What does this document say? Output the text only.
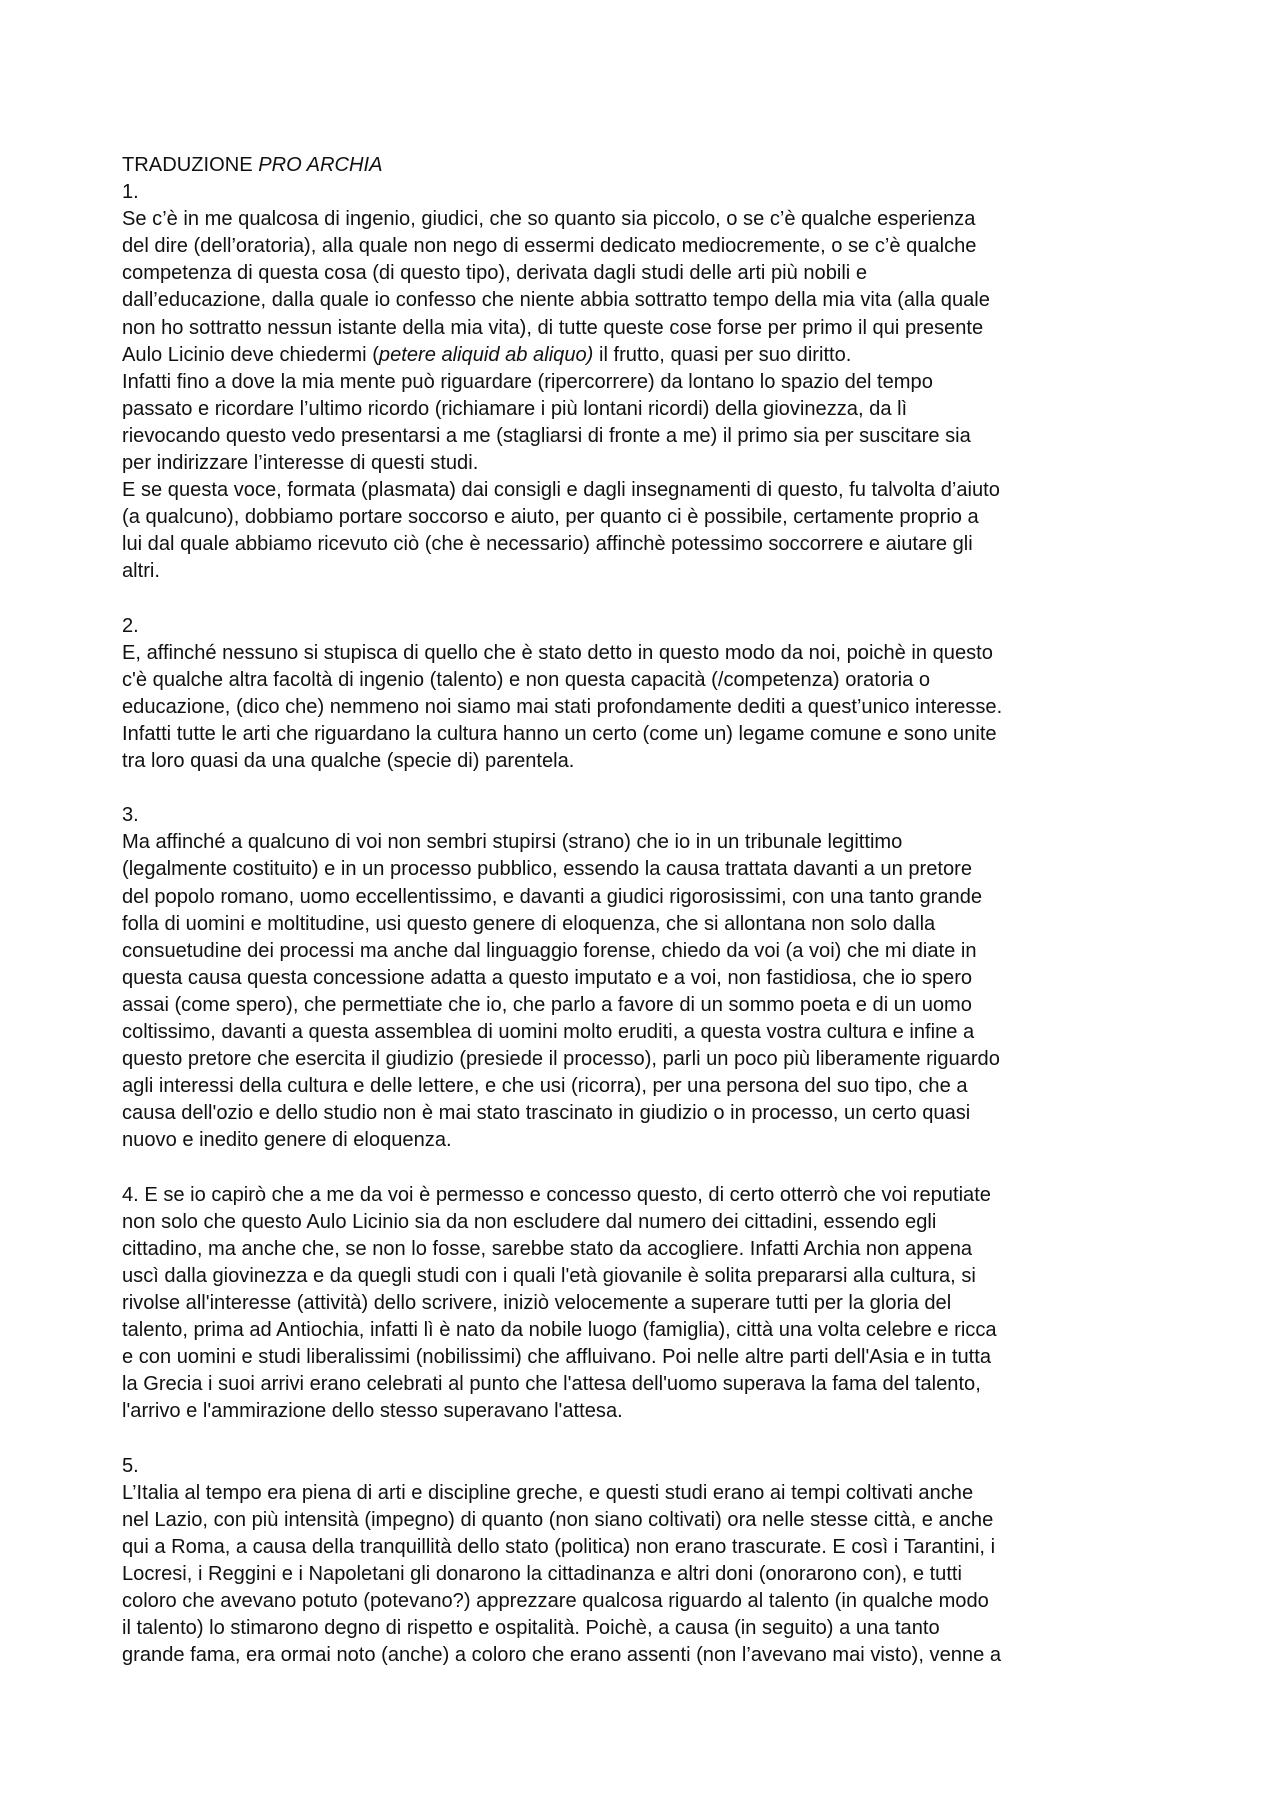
TRADUZIONE PRO ARCHIA
1.
Se c’è in me qualcosa di ingenio, giudici, che so quanto sia piccolo, o se c’è qualche esperienza
del dire (dell’oratoria), alla quale non nego di essermi dedicato mediocremente, o se c’è qualche
competenza di questa cosa (di questo tipo), derivata dagli studi delle arti più nobili e
dall’educazione, dalla quale io confesso che niente abbia sottratto tempo della mia vita (alla quale
non ho sottratto nessun istante della mia vita), di tutte queste cose forse per primo il qui presente
Aulo Licinio deve chiedermi (petere aliquid ab aliquo) il frutto, quasi per suo diritto.
Infatti fino a dove la mia mente può riguardare (ripercorrere) da lontano lo spazio del tempo
passato e ricordare l’ultimo ricordo (richiamare i più lontani ricordi) della giovinezza, da lì
rievocando questo vedo presentarsi a me (stagliarsi di fronte a me) il primo sia per suscitare sia
per indirizzare l’interesse di questi studi.
E se questa voce, formata (plasmata) dai consigli e dagli insegnamenti di questo, fu talvolta d’aiuto
(a qualcuno), dobbiamo portare soccorso e aiuto, per quanto ci è possibile, certamente proprio a
lui dal quale abbiamo ricevuto ciò (che è necessario) affinchè potessimo soccorrere e aiutare gli
altri.
2.
E, affinché nessuno si stupisca di quello che è stato detto in questo modo da noi, poichè in questo
c'è qualche altra facoltà di ingenio (talento) e non questa capacità (/competenza) oratoria o
educazione, (dico che) nemmeno noi siamo mai stati profondamente dediti a quest’unico interesse.
Infatti tutte le arti che riguardano la cultura hanno un certo (come un) legame comune e sono unite
tra loro quasi da una qualche (specie di) parentela.
3.
Ma affinché a qualcuno di voi non sembri stupirsi (strano) che io in un tribunale legittimo
(legalmente costituito) e in un processo pubblico, essendo la causa trattata davanti a un pretore
del popolo romano, uomo eccellentissimo, e davanti a giudici rigorosissimi, con una tanto grande
folla di uomini e moltitudine, usi questo genere di eloquenza, che si allontana non solo dalla
consuetudine dei processi ma anche dal linguaggio forense, chiedo da voi (a voi) che mi diate in
questa causa questa concessione adatta a questo imputato e a voi, non fastidiosa, che io spero
assai (come spero), che permettiate che io, che parlo a favore di un sommo poeta e di un uomo
coltissimo, davanti a questa assemblea di uomini molto eruditi, a questa vostra cultura e infine a
questo pretore che esercita il giudizio (presiede il processo), parli un poco più liberamente riguardo
agli interessi della cultura e delle lettere, e che usi (ricorra), per una persona del suo tipo, che a
causa dell'ozio e dello studio non è mai stato trascinato in giudizio o in processo, un certo quasi
nuovo e inedito genere di eloquenza.
4. E se io capirò che a me da voi è permesso e concesso questo, di certo otterrò che voi reputiate
non solo che questo Aulo Licinio sia da non escludere dal numero dei cittadini, essendo egli
cittadino, ma anche che, se non lo fosse, sarebbe stato da accogliere. Infatti Archia non appena
uscì dalla giovinezza e da quegli studi con i quali l'età giovanile è solita prepararsi alla cultura, si
rivolse all'interesse (attività) dello scrivere, iniziò velocemente a superare tutti per la gloria del
talento, prima ad Antiochia, infatti lì è nato da nobile luogo (famiglia), città una volta celebre e ricca
e con uomini e studi liberalissimi (nobilissimi) che affluivano. Poi nelle altre parti dell'Asia e in tutta
la Grecia i suoi arrivi erano celebrati al punto che l'attesa dell'uomo superava la fama del talento,
l'arrivo e l'ammirazione dello stesso superavano l'attesa.
5.
L’Italia al tempo era piena di arti e discipline greche, e questi studi erano ai tempi coltivati anche
nel Lazio, con più intensità (impegno) di quanto (non siano coltivati) ora nelle stesse città, e anche
qui a Roma, a causa della tranquillità dello stato (politica) non erano trascurate. E così i Tarantini, i
Locresi, i Reggini e i Napoletani gli donarono la cittadinanza e altri doni (onorarono con), e tutti
coloro che avevano potuto (potevano?) apprezzare qualcosa riguardo al talento (in qualche modo
il talento) lo stimarono degno di rispetto e ospitalità. Poichè, a causa (in seguito) a una tanto
grande fama, era ormai noto (anche) a coloro che erano assenti (non l’avevano mai visto), venne a
